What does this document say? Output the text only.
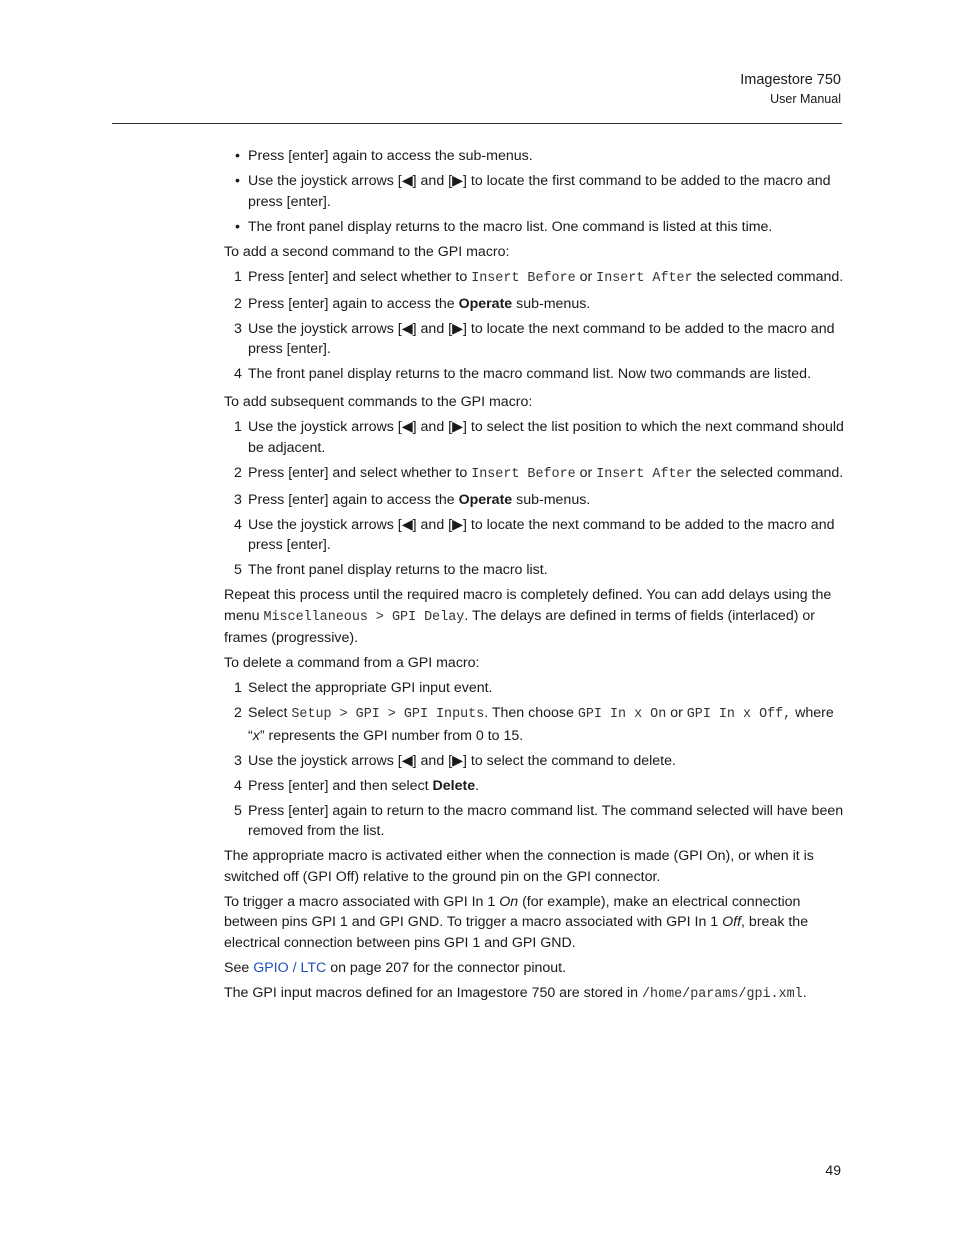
Imagestore 750
User Manual
• Press [enter] again to access the sub-menus.
• Use the joystick arrows [◀] and [▶] to locate the first command to be added to the macro and press [enter].
• The front panel display returns to the macro list. One command is listed at this time.

To add a second command to the GPI macro:

1 Press [enter] and select whether to Insert Before or Insert After the selected command.
2 Press [enter] again to access the Operate sub-menus.
3 Use the joystick arrows [◀] and [▶] to locate the next command to be added to the macro and press [enter].
4 The front panel display returns to the macro command list. Now two commands are listed.

To add subsequent commands to the GPI macro:

1 Use the joystick arrows [◀] and [▶] to select the list position to which the next command should be adjacent.
2 Press [enter] and select whether to Insert Before or Insert After the selected command.
3 Press [enter] again to access the Operate sub-menus.
4 Use the joystick arrows [◀] and [▶] to locate the next command to be added to the macro and press [enter].
5 The front panel display returns to the macro list.

Repeat this process until the required macro is completely defined. You can add delays using the menu Miscellaneous > GPI Delay. The delays are defined in terms of fields (interlaced) or frames (progressive).

To delete a command from a GPI macro:

1 Select the appropriate GPI input event.
2 Select Setup > GPI > GPI Inputs. Then choose GPI In x On or GPI In x Off, where “x” represents the GPI number from 0 to 15.
3 Use the joystick arrows [◀] and [▶] to select the command to delete.
4 Press [enter] and then select Delete.
5 Press [enter] again to return to the macro command list. The command selected will have been removed from the list.

The appropriate macro is activated either when the connection is made (GPI On), or when it is switched off (GPI Off) relative to the ground pin on the GPI connector.

To trigger a macro associated with GPI In 1 On (for example), make an electrical connection between pins GPI 1 and GPI GND. To trigger a macro associated with GPI In 1 Off, break the electrical connection between pins GPI 1 and GPI GND.

See GPIO / LTC on page 207 for the connector pinout.

The GPI input macros defined for an Imagestore 750 are stored in /home/params/gpi.xml.

49
